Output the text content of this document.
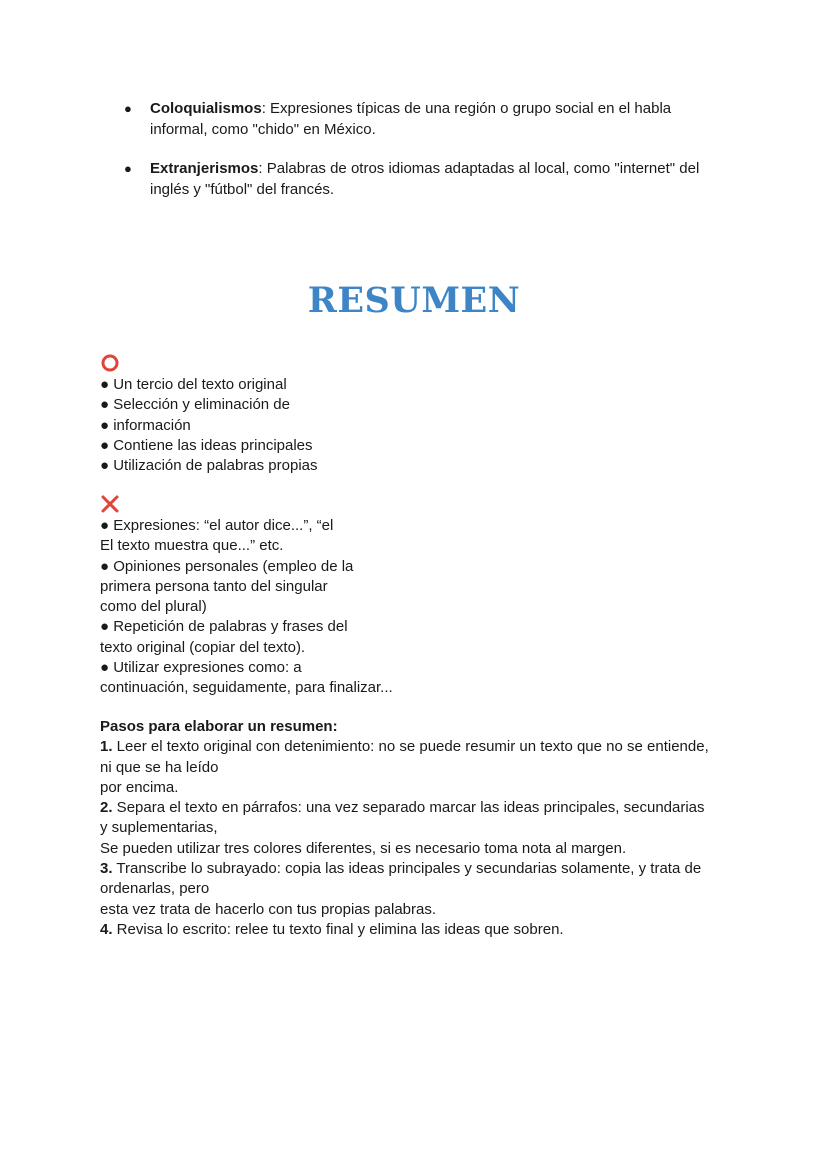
● Coloquialismos: Expresiones típicas de una región o grupo social en el habla
informal, como "chido" en México.
● Extranjerismos: Palabras de otros idiomas adaptadas al local, como "internet" del
inglés y "fútbol" del francés.
RESUMEN
● Un tercio del texto original
● Selección y eliminación de
● información
● Contiene las ideas principales
● Utilización de palabras propias
● Expresiones: “el autor dice...”, “el
El texto muestra que...” etc.
● Opiniones personales (empleo de la
primera persona tanto del singular
como del plural)
● Repetición de palabras y frases del
texto original (copiar del texto).
● Utilizar expresiones como: a
continuación, seguidamente, para finalizar...
Pasos para elaborar un resumen:
1. Leer el texto original con detenimiento: no se puede resumir un texto que no se entiende,
ni que se ha leído
por encima.
2. Separa el texto en párrafos: una vez separado marcar las ideas principales, secundarias
y suplementarias,
Se pueden utilizar tres colores diferentes, si es necesario toma nota al margen.
3. Transcribe lo subrayado: copia las ideas principales y secundarias solamente, y trata de
ordenarlas, pero
esta vez trata de hacerlo con tus propias palabras.
4. Revisa lo escrito: relee tu texto final y elimina las ideas que sobren.
